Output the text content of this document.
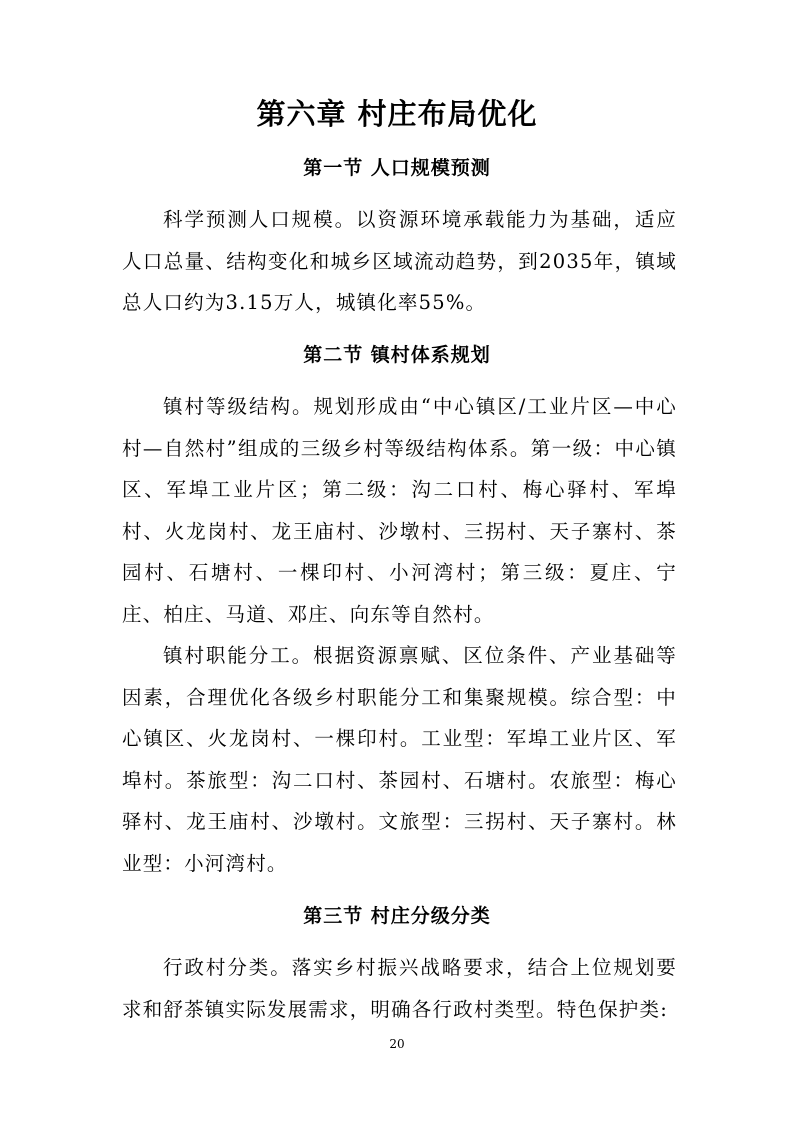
第六章 村庄布局优化
第一节 人口规模预测

科学预测人口规模。以资源环境承载能力为基础，适应人口总量、结构变化和城乡区域流动趋势，到2035年，镇域总人口约为3.15万人，城镇化率55%。

第二节 镇村体系规划

镇村等级结构。规划形成由“中心镇区/工业片区—中心村—自然村”组成的三级乡村等级结构体系。第一级：中心镇区、军埠工业片区；第二级：沟二口村、梅心驿村、军埠村、火龙岗村、龙王庙村、沙墩村、三拐村、天子寨村、茶园村、石塘村、一棵印村、小河湾村；第三级：夏庄、宁庄、柏庄、马道、邓庄、向东等自然村。

镇村职能分工。根据资源禀赋、区位条件、产业基础等因素，合理优化各级乡村职能分工和集聚规模。综合型：中心镇区、火龙岗村、一棵印村。工业型：军埠工业片区、军埠村。茶旅型：沟二口村、茶园村、石塘村。农旅型：梅心驿村、龙王庙村、沙墩村。文旅型：三拐村、天子寨村。林业型：小河湾村。

第三节 村庄分级分类

行政村分类。落实乡村振兴战略要求，结合上位规划要求和舒茶镇实际发展需求，明确各行政村类型。特色保护类:

20
